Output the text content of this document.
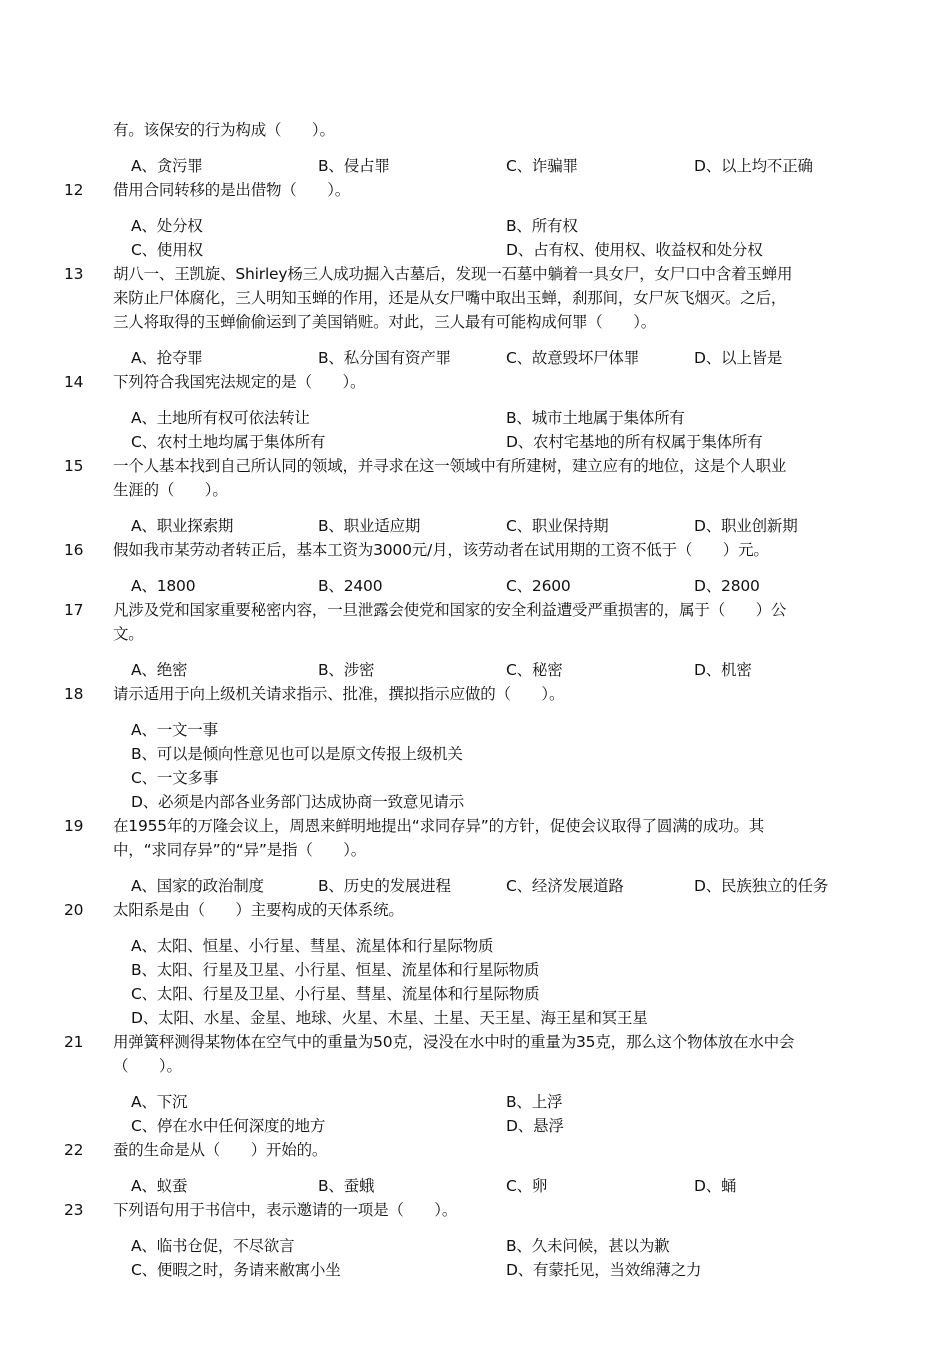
有。该保安的行为构成（　　）。
A、贪污罪	B、侵占罪	C、诈骗罪	D、以上均不正确
12 借用合同转移的是出借物（　　）。
A、处分权	B、所有权
C、使用权	D、占有权、使用权、收益权和处分权
13 胡八一、王凯旋、Shirley杨三人成功掘入古墓后，发现一石墓中躺着一具女尸，女尸口中含着玉蝉用
来防止尸体腐化，三人明知玉蝉的作用，还是从女尸嘴中取出玉蝉，刹那间，女尸灰飞烟灭。之后，
三人将取得的玉蝉偷偷运到了美国销赃。对此，三人最有可能构成何罪（　　）。
A、抢夺罪	B、私分国有资产罪	C、故意毁坏尸体罪	D、以上皆是
14 下列符合我国宪法规定的是（　　）。
A、土地所有权可依法转让	B、城市土地属于集体所有
C、农村土地均属于集体所有	D、农村宅基地的所有权属于集体所有
15 一个人基本找到自己所认同的领域，并寻求在这一领域中有所建树，建立应有的地位，这是个人职业
生涯的（　　）。
A、职业探索期	B、职业适应期	C、职业保持期	D、职业创新期
16 假如我市某劳动者转正后，基本工资为3000元/月，该劳动者在试用期的工资不低于（　　）元。
A、1800	B、2400	C、2600	D、2800
17 凡涉及党和国家重要秘密内容，一旦泄露会使党和国家的安全利益遭受严重损害的，属于（　　）公
文。
A、绝密	B、涉密	C、秘密	D、机密
18 请示适用于向上级机关请求指示、批准，撰拟指示应做的（　　）。
A、一文一事
B、可以是倾向性意见也可以是原文传报上级机关
C、一文多事
D、必须是内部各业务部门达成协商一致意见请示
19 在1955年的万隆会议上，周恩来鲜明地提出“求同存异”的方针，促使会议取得了圆满的成功。其
中，“求同存异”的“异”是指（　　）。
A、国家的政治制度	B、历史的发展进程	C、经济发展道路	D、民族独立的任务
20 太阳系是由（　　）主要构成的天体系统。
A、太阳、恒星、小行星、彗星、流星体和行星际物质
B、太阳、行星及卫星、小行星、恒星、流星体和行星际物质
C、太阳、行星及卫星、小行星、彗星、流星体和行星际物质
D、太阳、水星、金星、地球、火星、木星、土星、天王星、海王星和冥王星
21 用弹簧秤测得某物体在空气中的重量为50克，浸没在水中时的重量为35克，那么这个物体放在水中会
（　　）。
A、下沉	B、上浮
C、停在水中任何深度的地方	D、悬浮
22 蚕的生命是从（　　）开始的。
A、蚁蚕	B、蚕蛾	C、卵	D、蛹
23 下列语句用于书信中，表示邀请的一项是（　　）。
A、临书仓促，不尽欲言	B、久未问候，甚以为歉
C、便暇之时，务请来敝寓小坐	D、有蒙托见，当效绵薄之力
